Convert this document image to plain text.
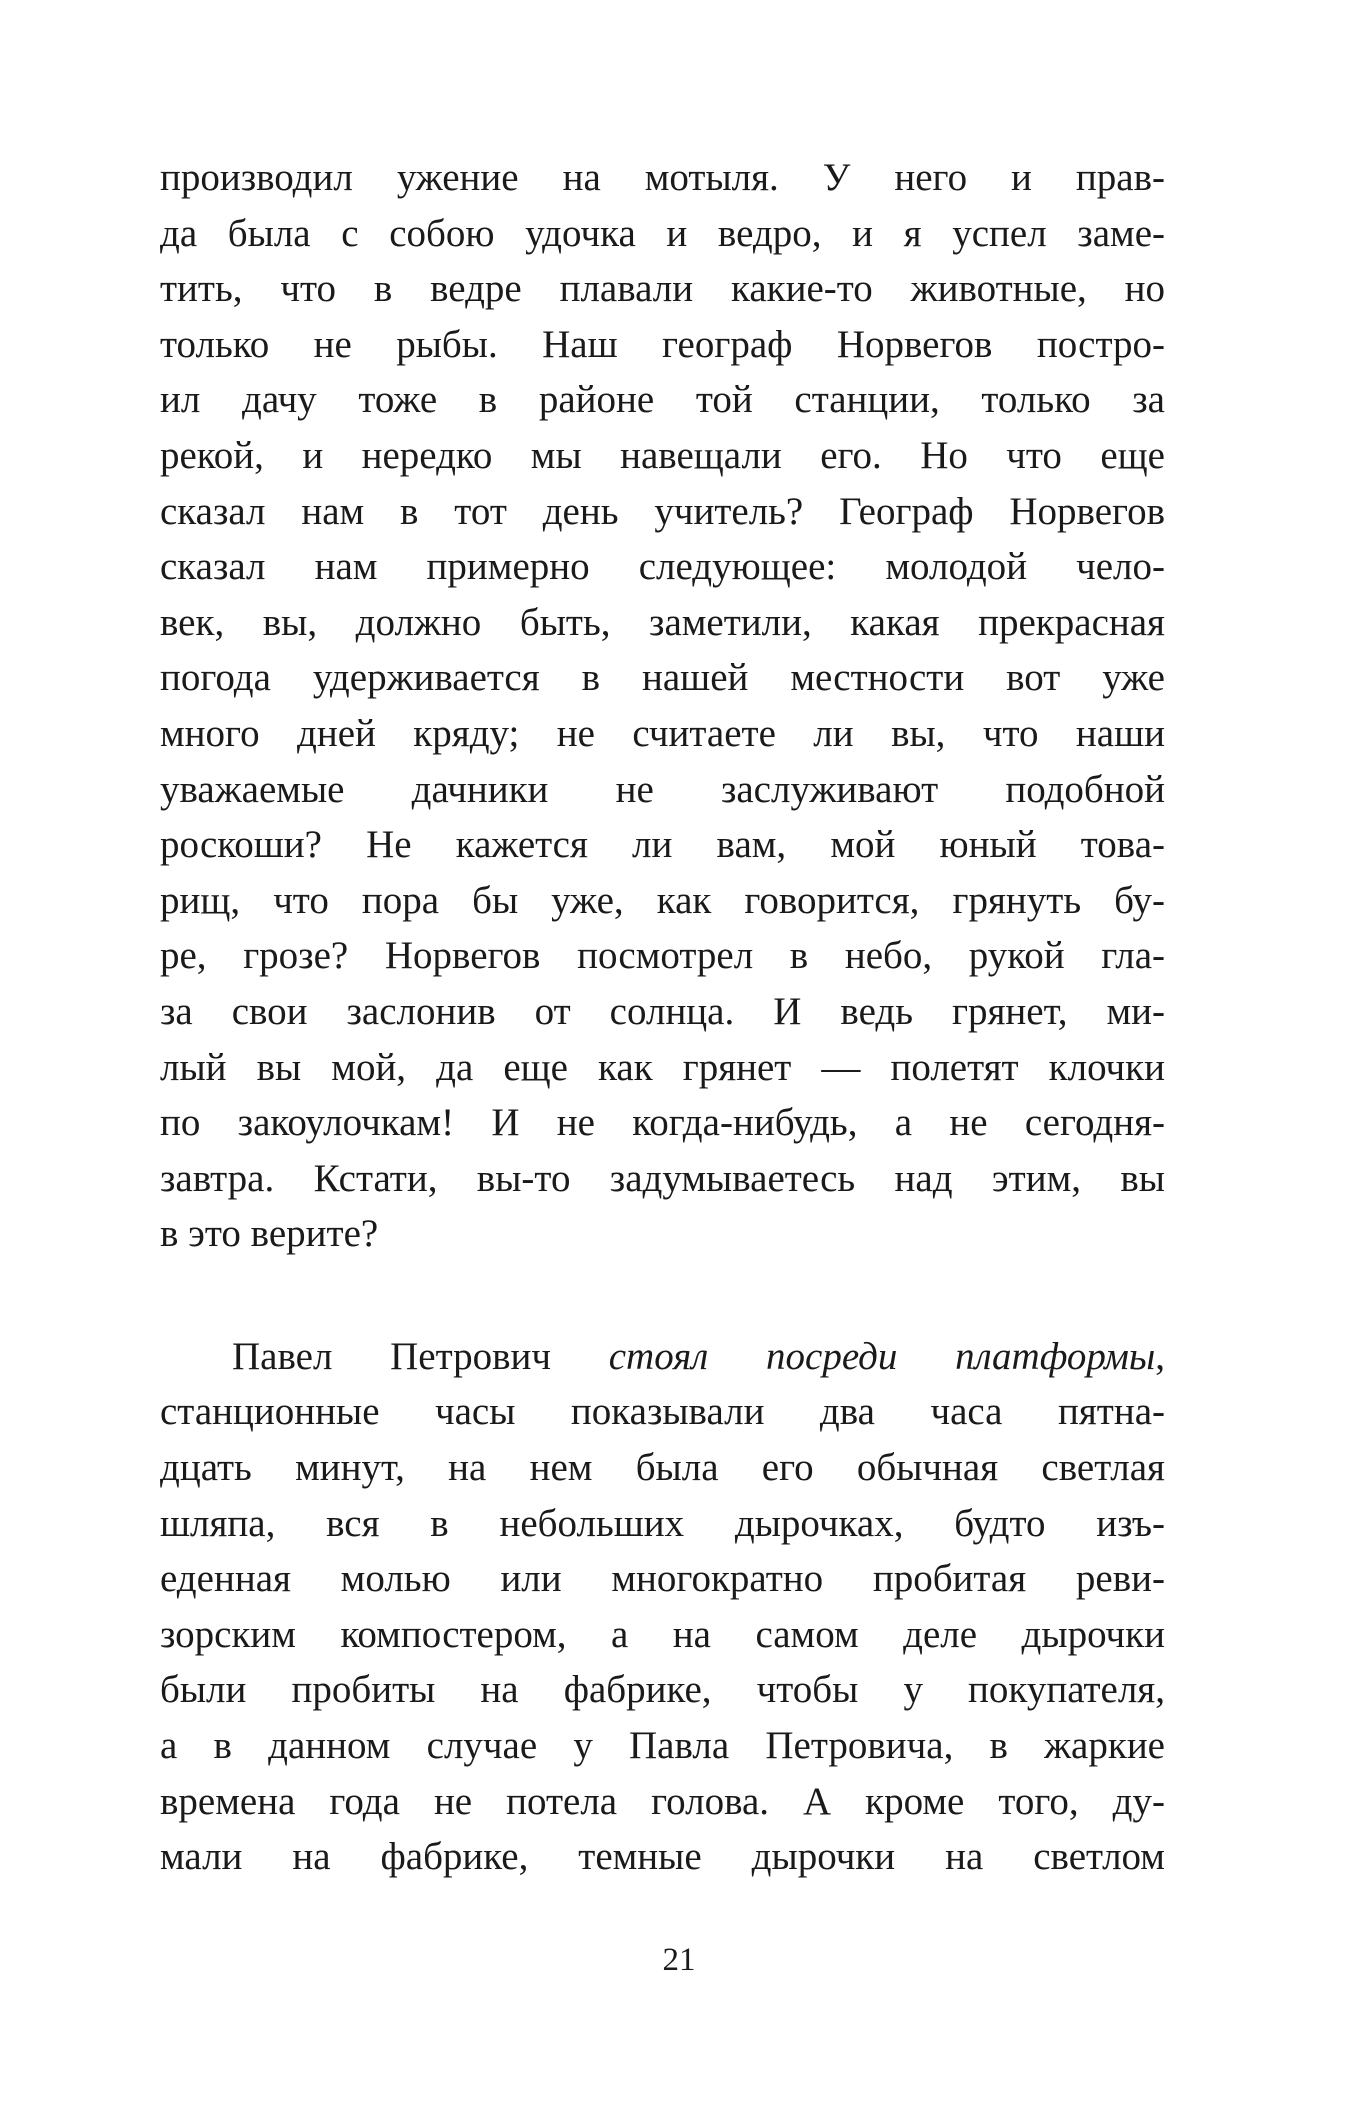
производил ужение на мотыля. У него и прав-
да была с собою удочка и ведро, и я успел заме-
тить, что в ведре плавали какие-то животные, но
только не рыбы. Наш географ Норвегов постро-
ил дачу тоже в районе той станции, только за
рекой, и нередко мы навещали его. Но что еще
сказал нам в тот день учитель? Географ Норвегов
сказал нам примерно следующее: молодой чело-
век, вы, должно быть, заметили, какая прекрасная
погода удерживается в нашей местности вот уже
много дней кряду; не считаете ли вы, что наши
уважаемые дачники не заслуживают подобной
роскоши? Не кажется ли вам, мой юный това-
рищ, что пора бы уже, как говорится, грянуть бу-
ре, грозе? Норвегов посмотрел в небо, рукой гла-
за свои заслонив от солнца. И ведь грянет, ми-
лый вы мой, да еще как грянет — полетят клочки
по закоулочкам! И не когда-нибудь, а не сегодня-
завтра. Кстати, вы-то задумываетесь над этим, вы
в это верите?
Павел Петрович стоял посреди платформы,
станционные часы показывали два часа пятна-
дцать минут, на нем была его обычная светлая
шляпа, вся в небольших дырочках, будто изъ-
еденная молью или многократно пробитая реви-
зорским компостером, а на самом деле дырочки
были пробиты на фабрике, чтобы у покупателя,
а в данном случае у Павла Петровича, в жаркие
времена года не потела голова. А кроме того, ду-
мали на фабрике, темные дырочки на светлом
21
